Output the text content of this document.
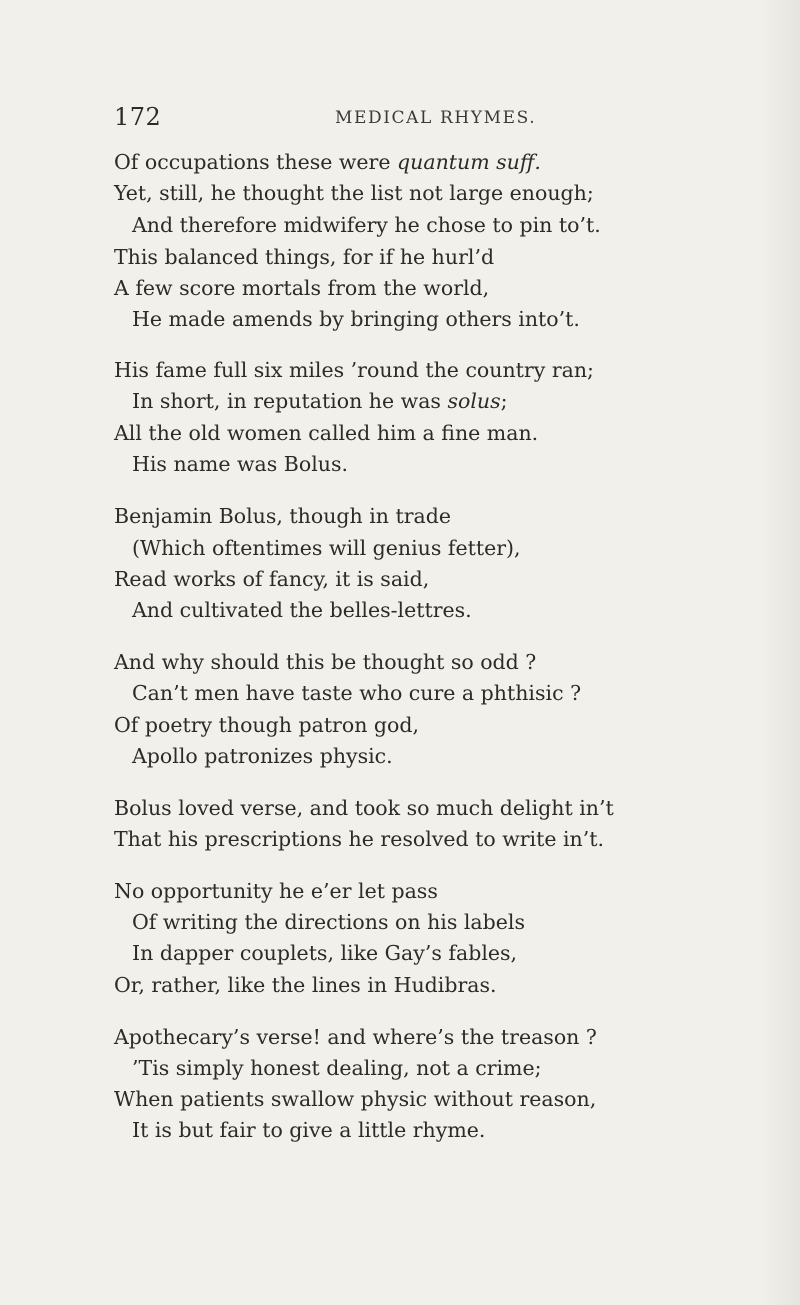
172	MEDICAL RHYMES.
Of occupations these were quantum suff.
Yet, still, he thought the list not large enough;
And therefore midwifery he chose to pin to’t.
This balanced things, for if he hurl’d
A few score mortals from the world,
He made amends by bringing others into’t.
His fame full six miles ’round the country ran;
In short, in reputation he was solus;
All the old women called him a fine man.
His name was Bolus.
Benjamin Bolus, though in trade
(Which oftentimes will genius fetter),
Read works of fancy, it is said,
And cultivated the belles-lettres.
And why should this be thought so odd ?
Can’t men have taste who cure a phthisic ?
Of poetry though patron god,
Apollo patronizes physic.
Bolus loved verse, and took so much delight in’t
That his prescriptions he resolved to write in’t.
No opportunity he e’er let pass
Of writing the directions on his labels
In dapper couplets, like Gay’s fables,
Or, rather, like the lines in Hudibras.
Apothecary’s verse! and where’s the treason ?
’Tis simply honest dealing, not a crime;
When patients swallow physic without reason,
It is but fair to give a little rhyme.
